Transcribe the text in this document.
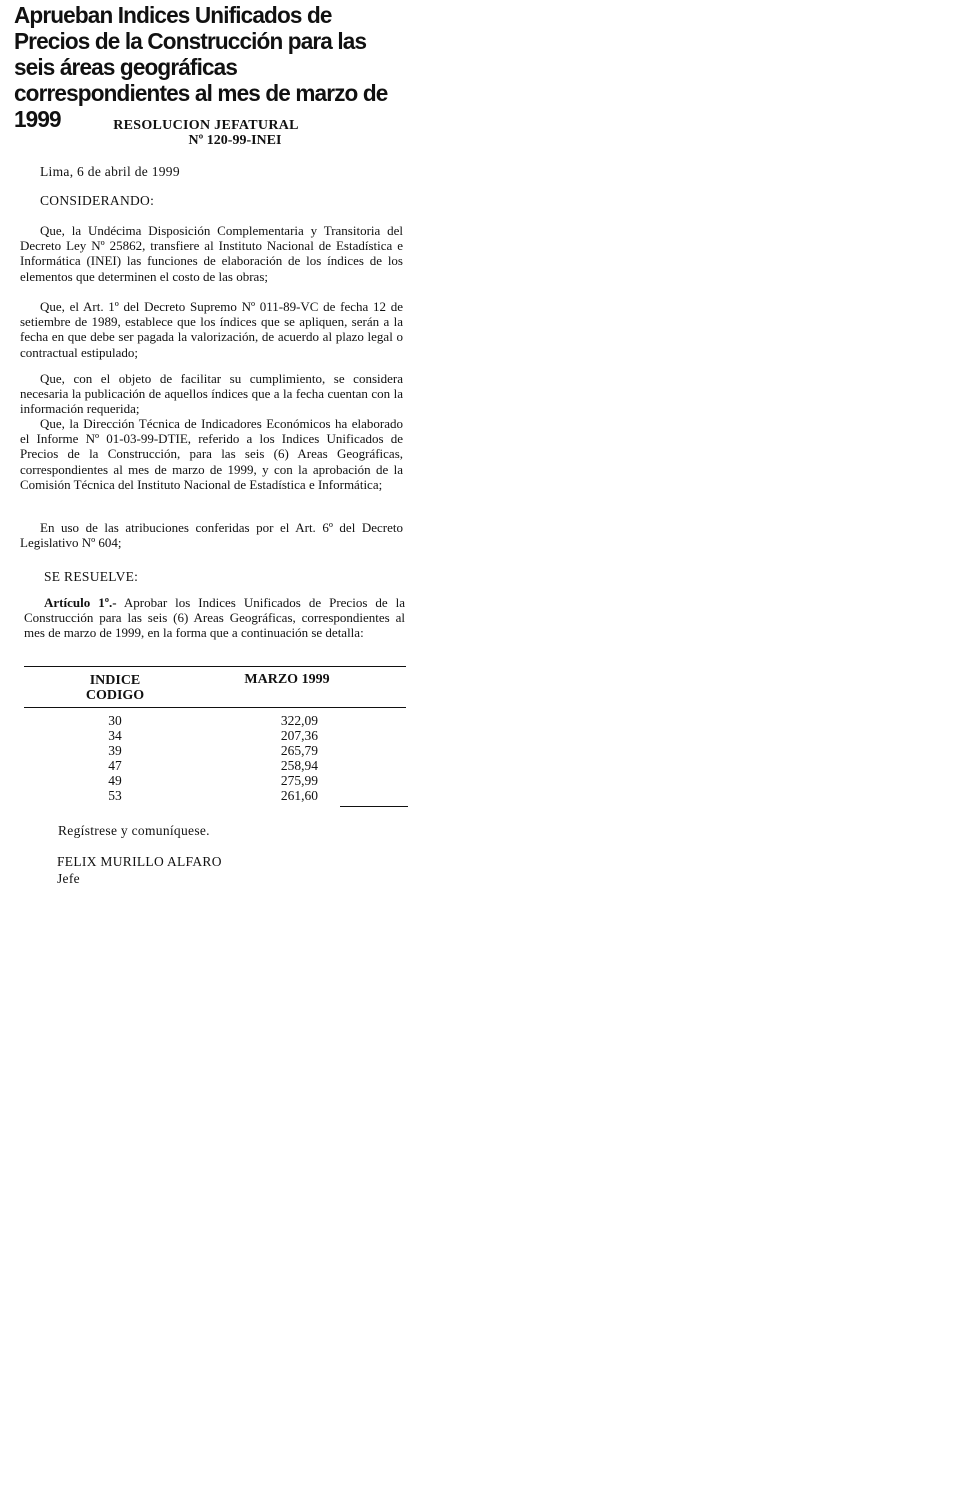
Aprueban Indices Unificados de Precios de la Construcción para las seis áreas geográficas correspondientes al mes de marzo de 1999	RESOLUCION JEFATURAL
Nº 120-99-INEI
Lima, 6 de abril de 1999
CONSIDERANDO:
Que, la Undécima Disposición Complementaria y Transitoria del Decreto Ley Nº 25862, transfiere al Instituto Nacional de Estadística e Informática (INEI) las funciones de elaboración de los índices de los elementos que determinen el costo de las obras;
Que, el Art. 1º del Decreto Supremo Nº 011-89-VC de fecha 12 de setiembre de 1989, establece que los índices que se apliquen, serán a la fecha en que debe ser pagada la valorización, de acuerdo al plazo legal o contractual estipulado;
Que, con el objeto de facilitar su cumplimiento, se considera necesaria la publicación de aquellos índices que a la fecha cuentan con la información requerida;
Que, la Dirección Técnica de Indicadores Económicos ha elaborado el Informe Nº 01-03-99-DTIE, referido a los Indices Unificados de Precios de la Construcción, para las seis (6) Areas Geográficas, correspondientes al mes de marzo de 1999, y con la aprobación de la Comisión Técnica del Instituto Nacional de Estadística e Informática;
En uso de las atribuciones conferidas por el Art. 6º del Decreto Legislativo Nº 604;
SE RESUELVE:
Artículo 1º.- Aprobar los Indices Unificados de Precios de la Construcción para las seis (6) Areas Geográficas, correspondientes al mes de marzo de 1999, en la forma que a continuación se detalla:
INDICE
CODIGO
MARZO 1999
30	322,09
34	207,36
39	265,79
47	258,94
49	275,99
53	261,60
Regístrese y comuníquese.
FELIX MURILLO ALFARO
Jefe
